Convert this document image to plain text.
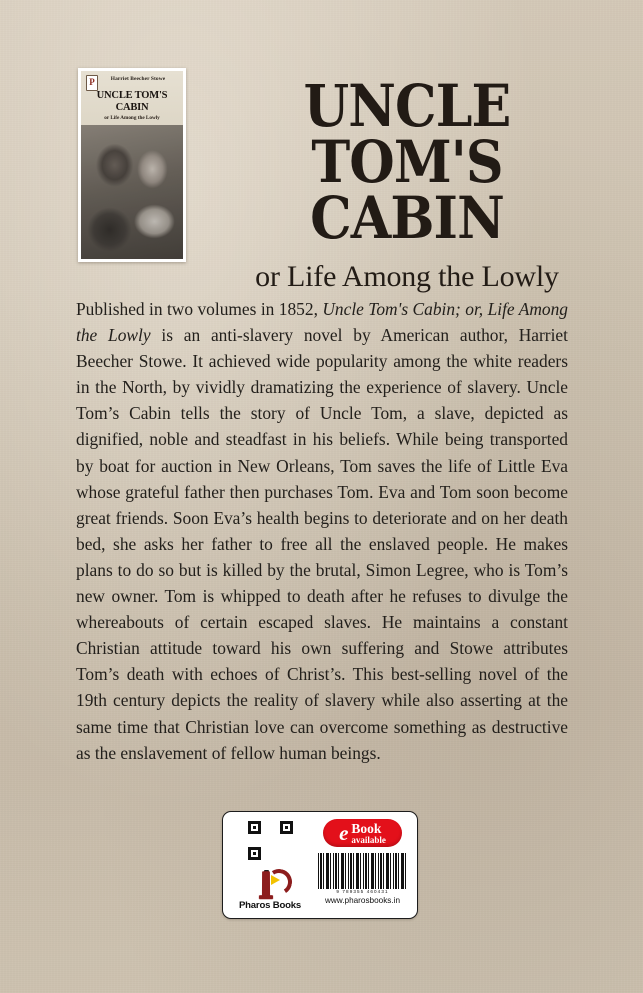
P	Harriet Beecher Stowe
UNCLE TOM'S
CABIN
or Life Among the Lowly	UNCLE TOM'S
CABIN
or Life Among the Lowly
Published in two volumes in 1852, Uncle Tom's Cabin; or, Life Among the Lowly is an anti-slavery novel by American author, Harriet Beecher Stowe. It achieved wide popularity among the white readers in the North, by vividly dramatizing the experience of slavery. Uncle Tom’s Cabin tells the story of Uncle Tom, a slave, depicted as dignified, noble and steadfast in his beliefs. While being transported by boat for auction in New Orleans, Tom saves the life of Little Eva whose grateful father then purchases Tom. Eva and Tom soon become great friends. Soon Eva’s health begins to deteriorate and on her death bed, she asks her father to free all the enslaved people. He makes plans to do so but is killed by the brutal, Simon Legree, who is Tom’s new owner. Tom is whipped to death after he refuses to divulge the whereabouts of certain escaped slaves. He maintains a constant Christian attitude toward his own suffering and Stowe attributes Tom’s death with echoes of Christ’s. This best-selling novel of the 19th century depicts the reality of slavery while also asserting at the same time that Christian love can overcome something as destructive as the enslavement of fellow human beings.
Pharos Books
e Book
available
9 789355 460431
www.pharosbooks.in
